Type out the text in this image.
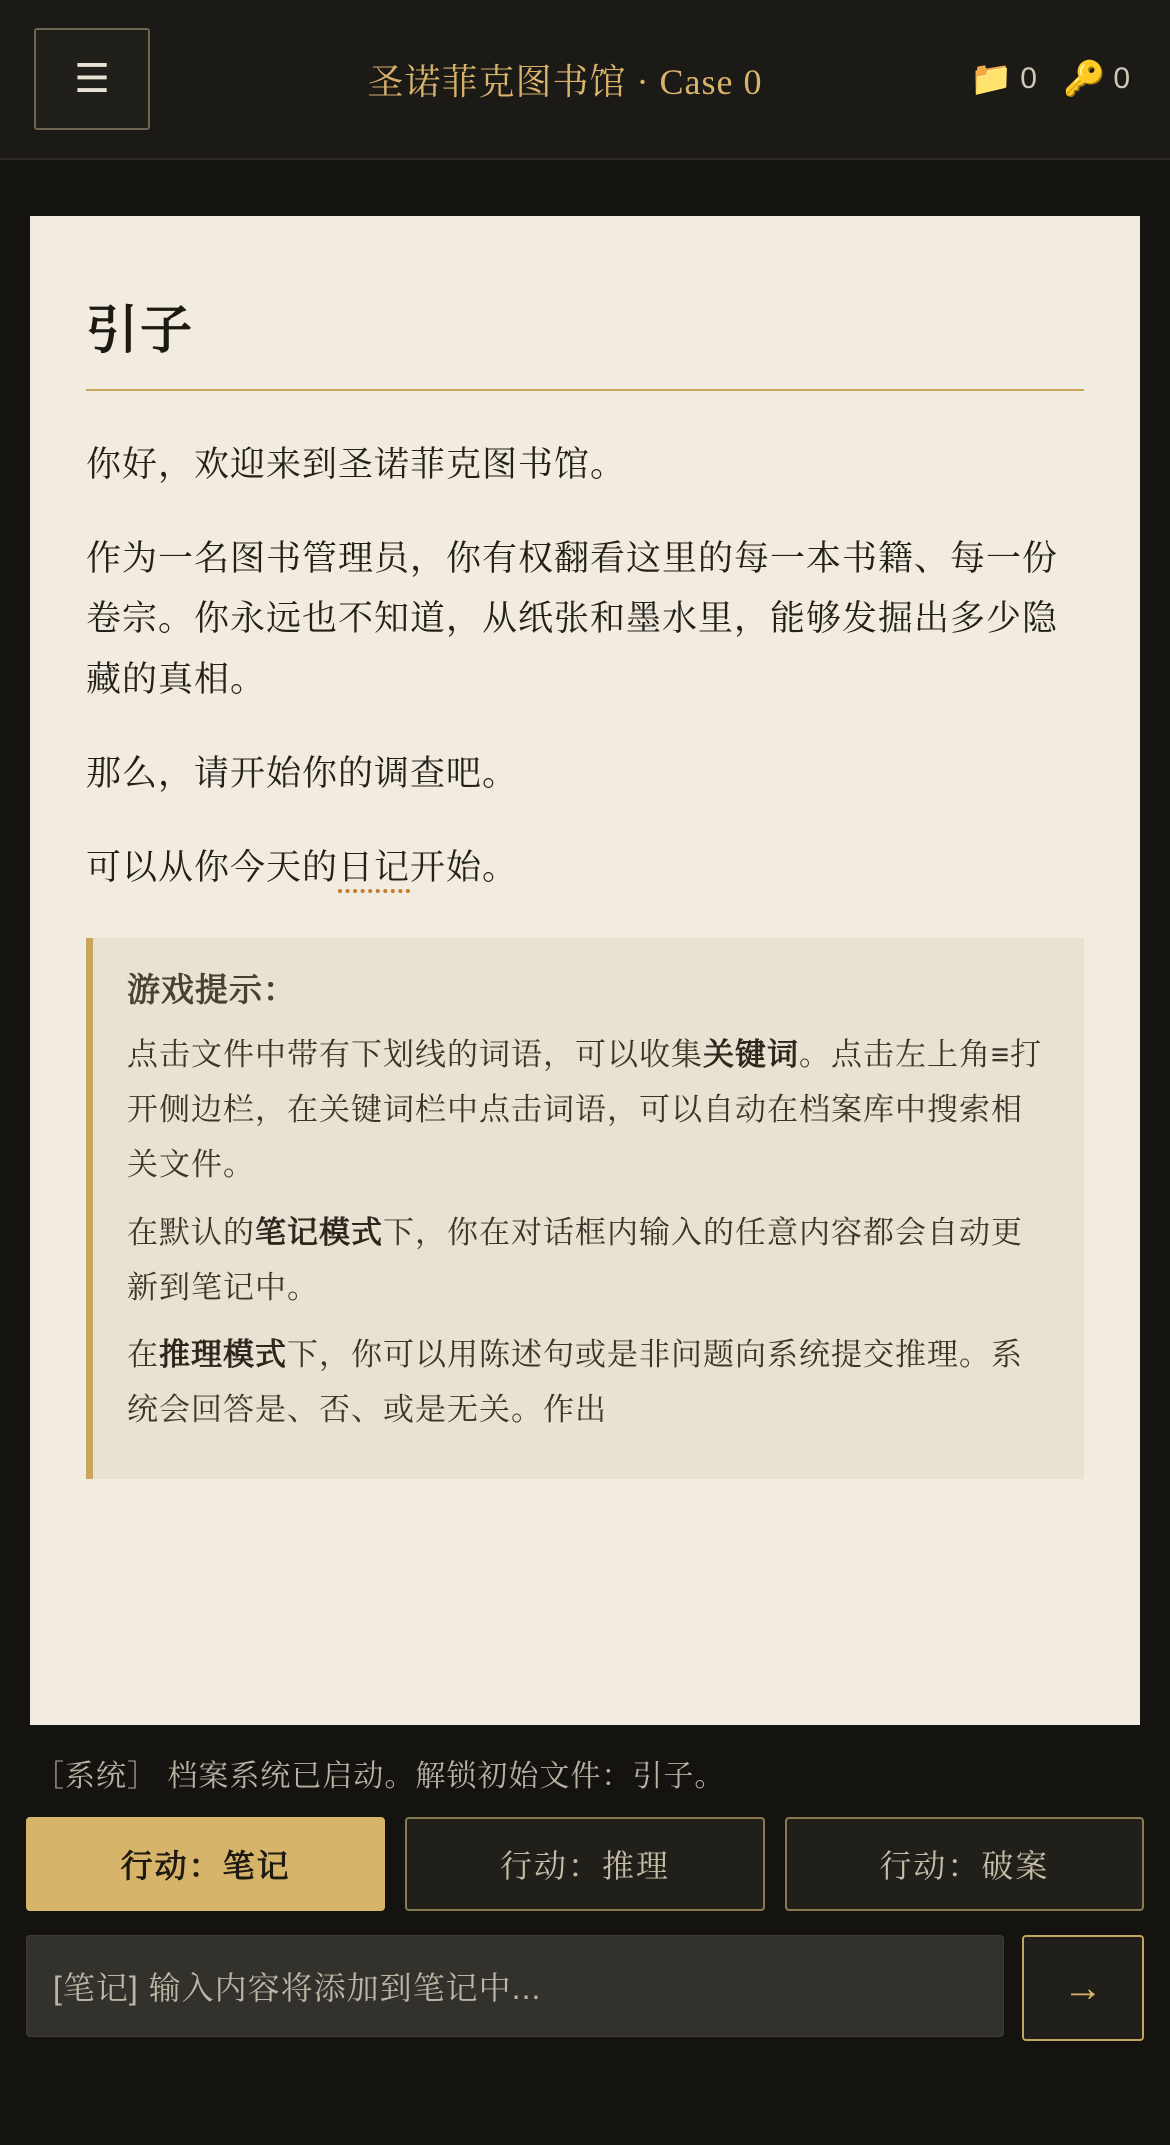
☰	圣诺菲克图书馆 · Case 0	📁 0 🔑 0
引子

你好，欢迎来到圣诺菲克图书馆。

作为一名图书管理员，你有权翻看这里的每一本书籍、每一份卷宗。你永远也不知道，从纸张和墨水里，能够发掘出多少隐藏的真相。

那么，请开始你的调查吧。

可以从你今天的日记开始。

游戏提示：

点击文件中带有下划线的词语，可以收集关键词。点击左上角≡打开侧边栏，在关键词栏中点击词语，可以自动在档案库中搜索相关文件。

在默认的笔记模式下，你在对话框内输入的任意内容都会自动更新到笔记中。

在推理模式下，你可以用陈述句或是非问题向系统提交推理。系统会回答是、否、或是无关。作出

［系统］ 档案系统已启动。解锁初始文件：引子。
行动：笔记	行动：推理	行动：破案
[笔记] 输入内容将添加到笔记中...	→
